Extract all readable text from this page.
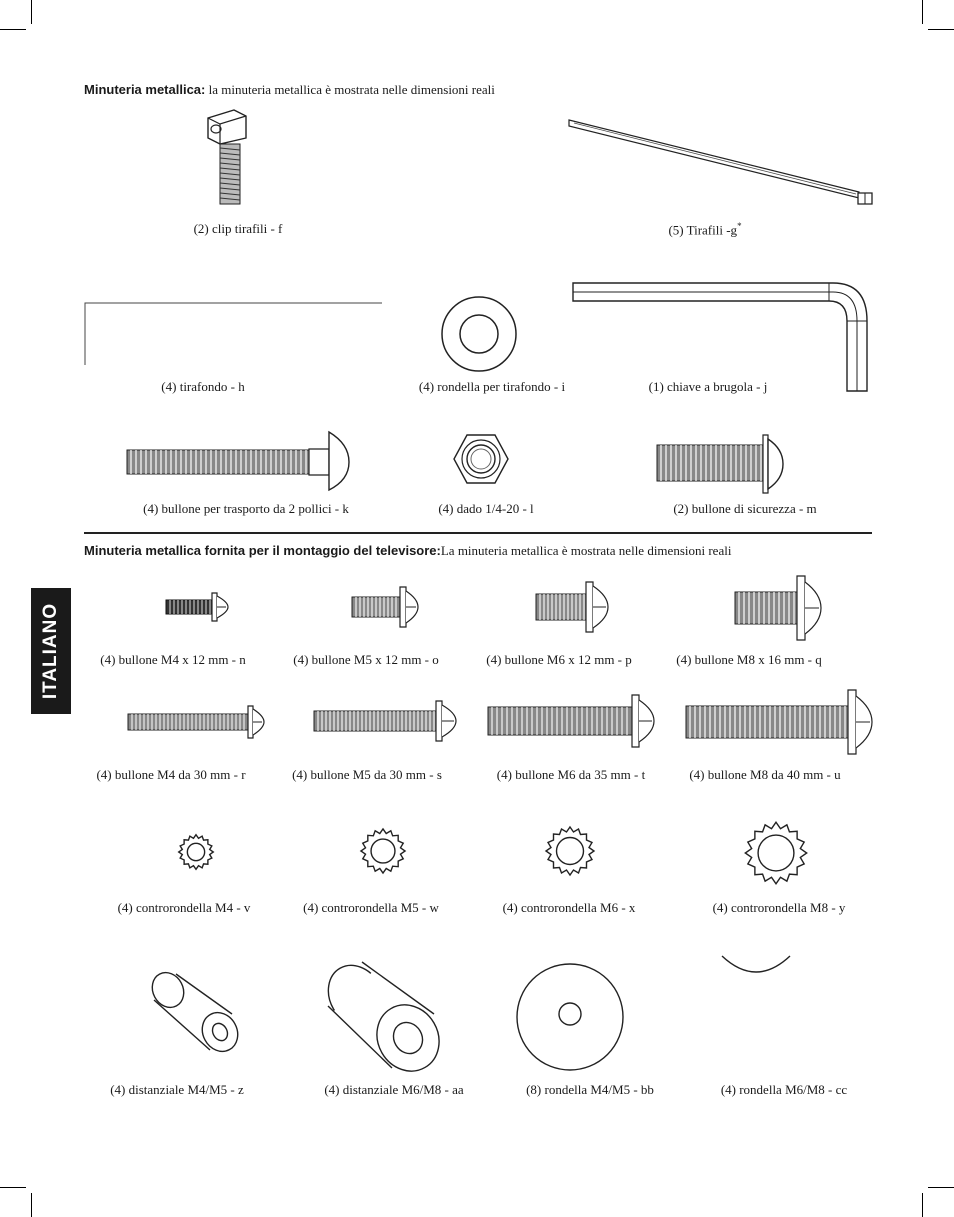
Minuteria metallica: la minuteria metallica è mostrata nelle dimensioni reali
(2) clip tirafili - f	(5) Tirafili -g*
(4) tirafondo - h	(4) rondella per tirafondo - i	(1) chiave a brugola - j
(4) bullone per trasporto da 2 pollici - k	(4) dado 1/4-20 - l	(2) bullone di sicurezza - m
Minuteria metallica fornita per il montaggio del televisore:La minuteria metallica è mostrata nelle dimensioni reali
ITALIANO	(4) bullone M4 x 12 mm - n	(4) bullone M5 x 12 mm - o	(4) bullone M6 x 12 mm - p	(4) bullone M8 x 16 mm - q
(4) bullone M4 da 30 mm - r	(4) bullone M5 da 30 mm - s	(4) bullone M6 da 35 mm - t	(4) bullone M8 da 40 mm - u
(4) controrondella M4 - v	(4) controrondella M5 - w	(4) controrondella M6 - x	(4) controrondella M8 - y
(4) distanziale M4/M5 - z	(4) distanziale M6/M8 - aa	(8) rondella M4/M5 - bb	(4) rondella M6/M8 - cc
